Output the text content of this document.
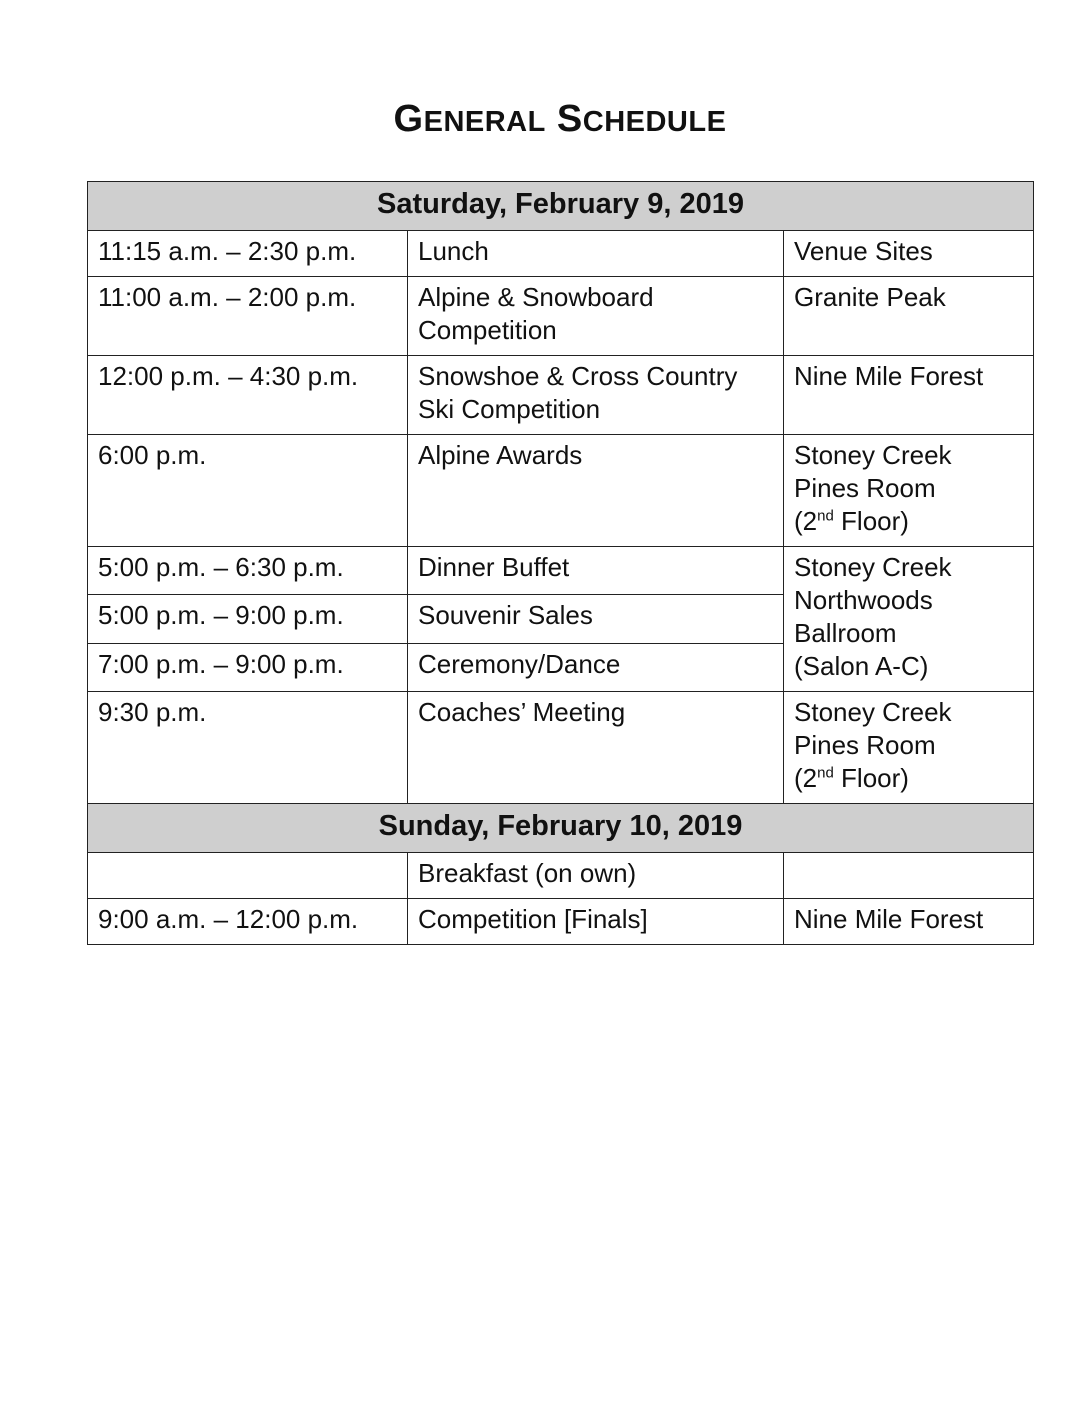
GENERAL SCHEDULE
Saturday, February 9, 2019		
11:15 a.m. – 2:30 p.m.	Lunch	Venue Sites
11:00 a.m. – 2:00 p.m.	Alpine & Snowboard Competition	Granite Peak
12:00 p.m. – 4:30 p.m.	Snowshoe & Cross Country Ski Competition	Nine Mile Forest
6:00 p.m.	Alpine Awards	Stoney Creek
Pines Room
(2nd Floor)

5:00 p.m. – 6:30 p.m.	Dinner Buffet	Stoney Creek
Northwoods
Ballroom
(Salon A-C)

5:00 p.m. – 9:00 p.m.	Souvenir Sales	
7:00 p.m. – 9:00 p.m.	Ceremony/Dance	
9:30 p.m.	Coaches’ Meeting	Stoney Creek
Pines Room
(2nd Floor)

Sunday, February 10, 2019		
	Breakfast (on own)	
9:00 a.m. – 12:00 p.m.	Competition [Finals]	Nine Mile Forest
